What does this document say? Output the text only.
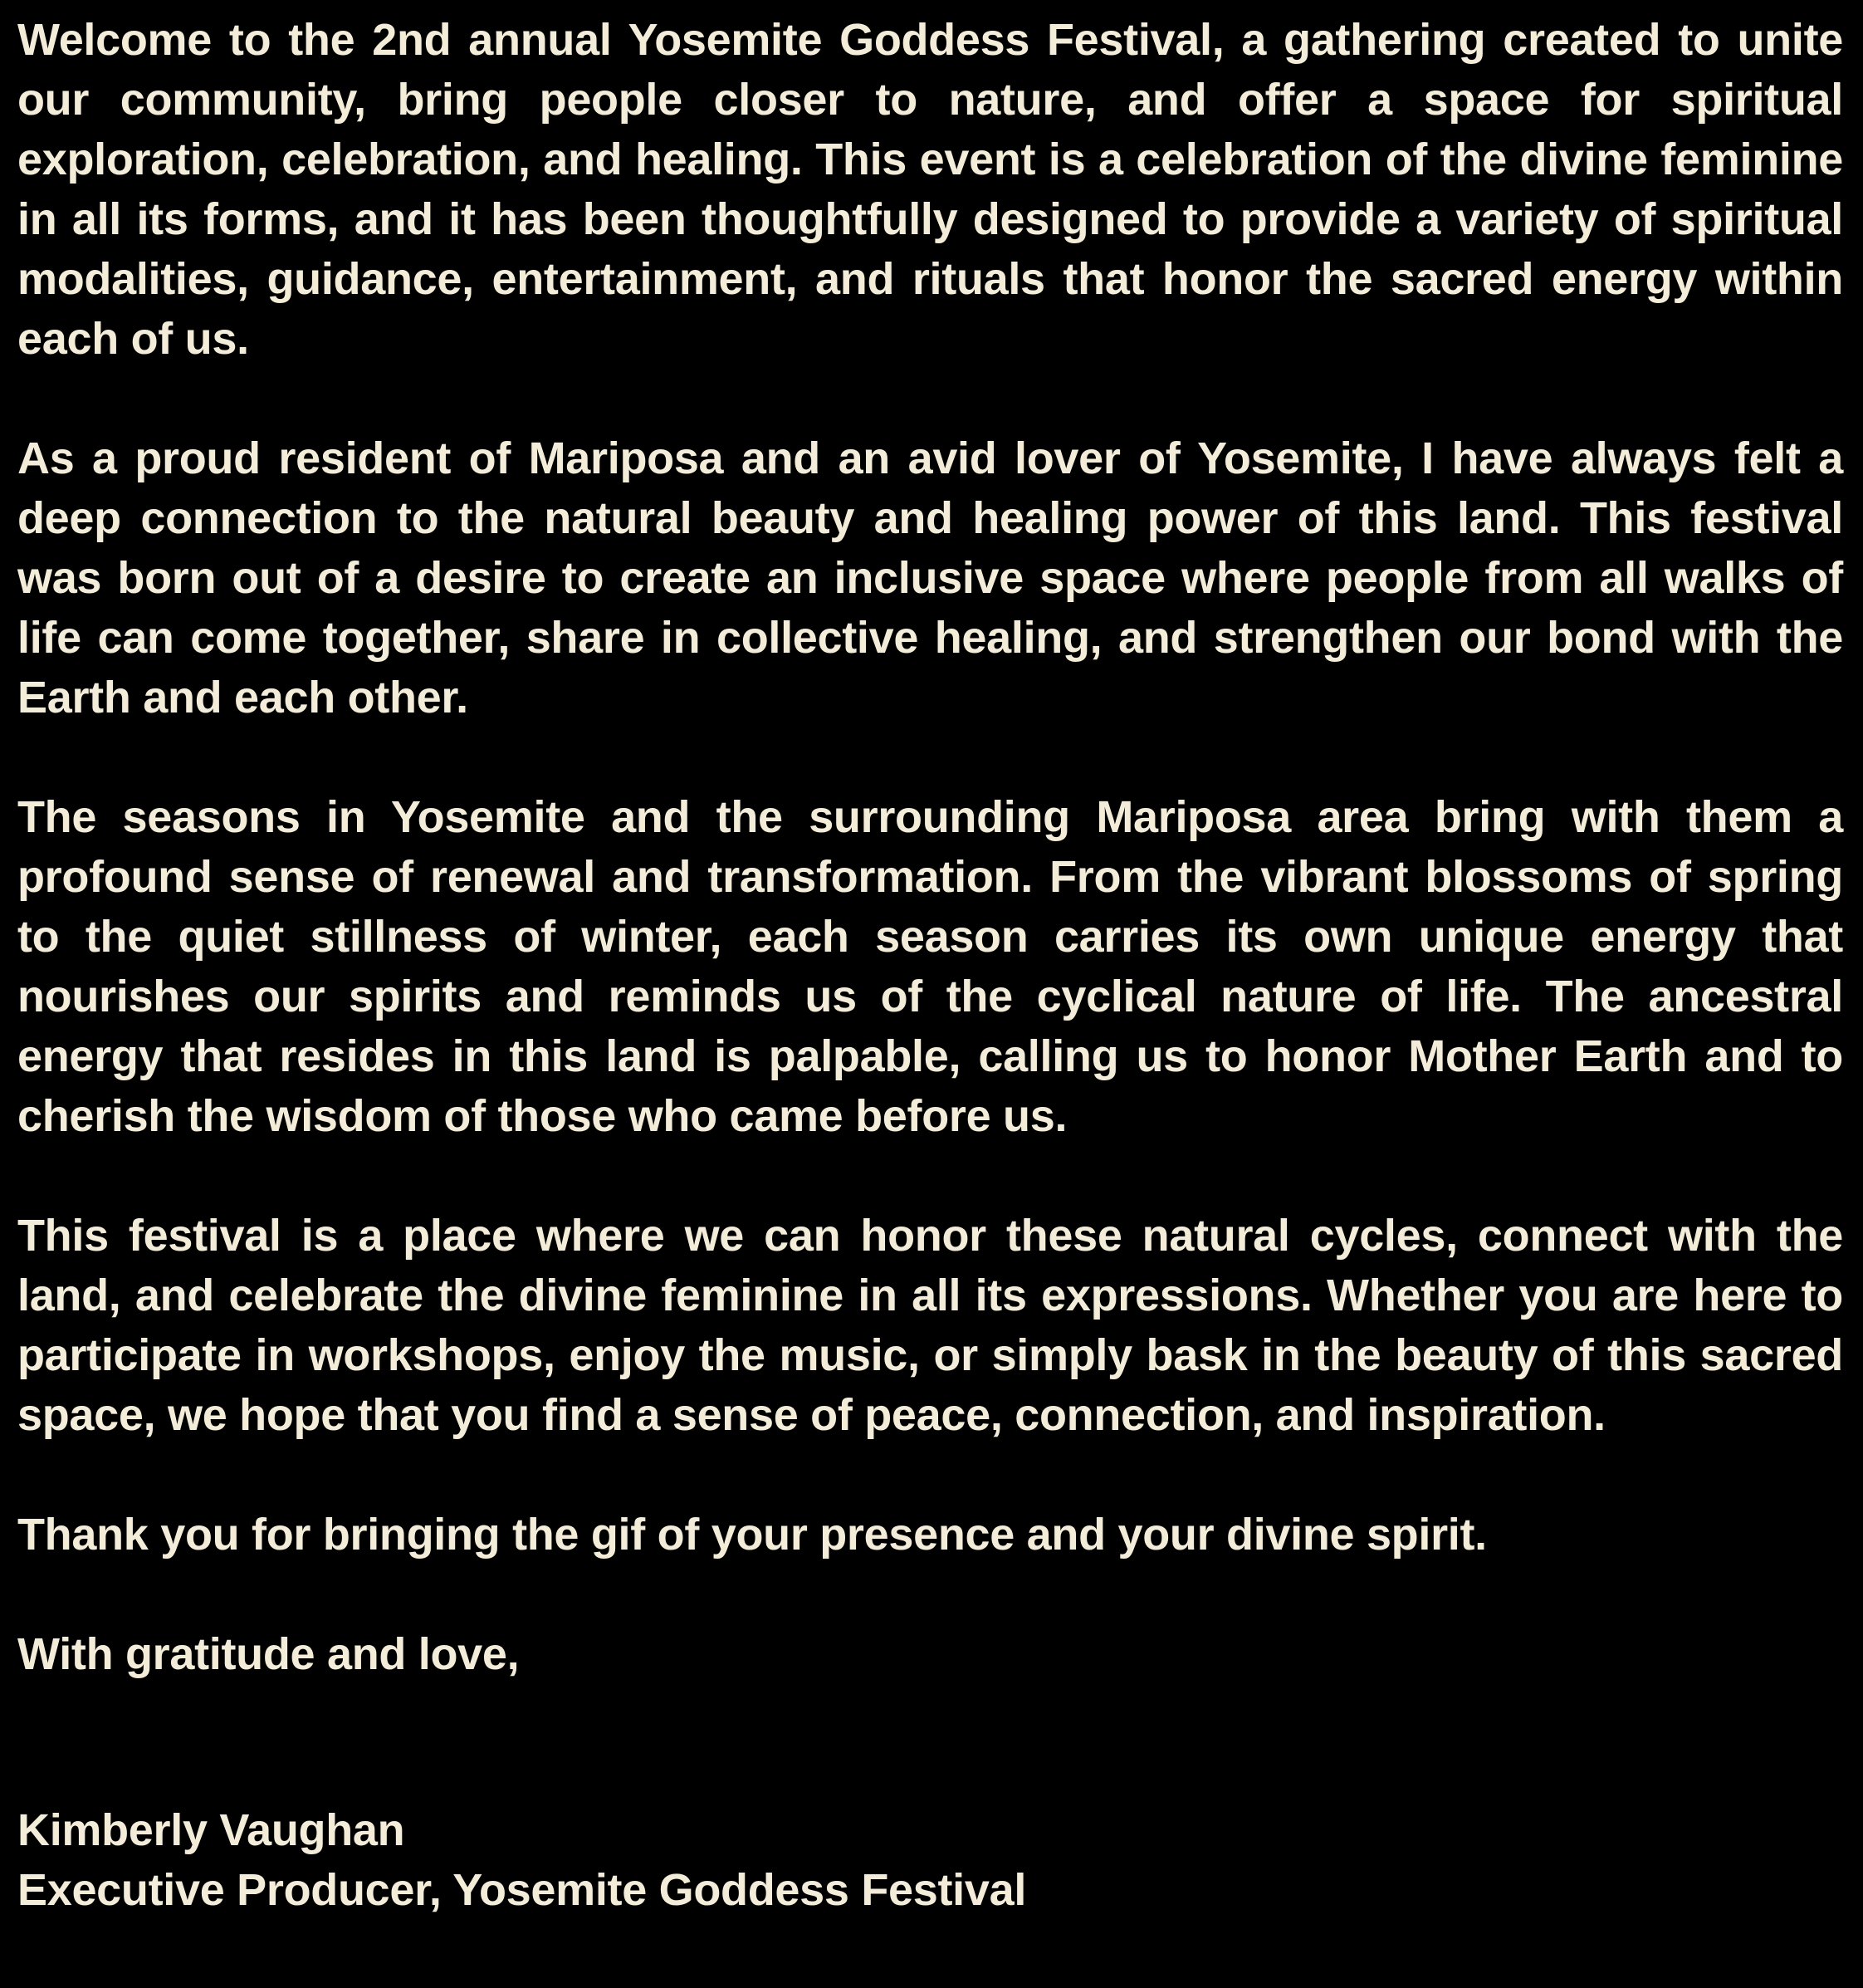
Welcome to the 2nd annual Yosemite Goddess Festival, a gathering created to unite our community, bring people closer to nature, and offer a space for spiritual exploration, celebration, and healing. This event is a celebration of the divine feminine in all its forms, and it has been thoughtfully designed to provide a variety of spiritual modalities, guidance, entertainment, and rituals that honor the sacred energy within each of us.

As a proud resident of Mariposa and an avid lover of Yosemite, I have always felt a deep connection to the natural beauty and healing power of this land. This festival was born out of a desire to create an inclusive space where people from all walks of life can come together, share in collective healing, and strengthen our bond with the Earth and each other.

The seasons in Yosemite and the surrounding Mariposa area bring with them a profound sense of renewal and transformation. From the vibrant blossoms of spring to the quiet stillness of winter, each season carries its own unique energy that nourishes our spirits and reminds us of the cyclical nature of life. The ancestral energy that resides in this land is palpable, calling us to honor Mother Earth and to cherish the wisdom of those who came before us.

This festival is a place where we can honor these natural cycles, connect with the land, and celebrate the divine feminine in all its expressions. Whether you are here to participate in workshops, enjoy the music, or simply bask in the beauty of this sacred space, we hope that you find a sense of peace, connection, and inspiration.

Thank you for bringing the gif of your presence and your divine spirit.

With gratitude and love,

Kimberly Vaughan

Executive Producer, Yosemite Goddess Festival
